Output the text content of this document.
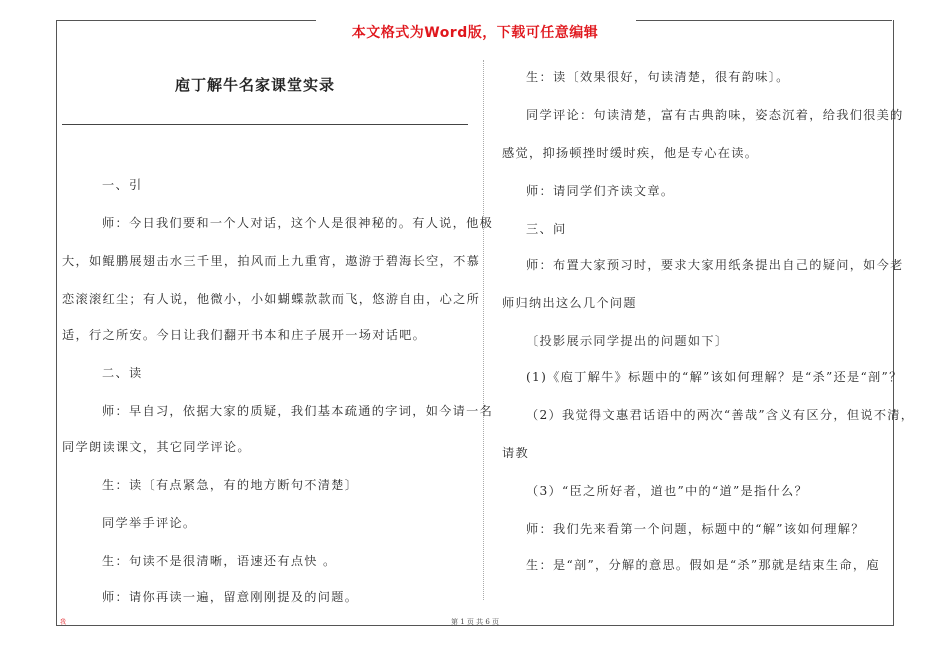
本文格式为Word版，下载可任意编辑
庖丁解牛名家课堂实录
一、引
师：今日我们要和一个人对话，这个人是很神秘的。有人说，他极
大，如鲲鹏展翅击水三千里，拍风而上九重宵，遨游于碧海长空，不慕
恋滚滚红尘；有人说，他微小，小如蝴蝶款款而飞，悠游自由，心之所
适，行之所安。今日让我们翻开书本和庄子展开一场对话吧。
二、读
师：早自习，依据大家的质疑，我们基本疏通的字词，如今请一名
同学朗读课文，其它同学评论。
生：读〔有点紧急，有的地方断句不清楚〕
同学举手评论。
生：句读不是很清晰，语速还有点快 。
师：请你再读一遍，留意刚刚提及的问题。
生：读〔效果很好，句读清楚，很有韵味〕。
同学评论：句读清楚，富有古典韵味，姿态沉着，给我们很美的
感觉，抑扬顿挫时缓时疾，他是专心在读。
师：请同学们齐读文章。
三、问
师：布置大家预习时，要求大家用纸条提出自己的疑问，如今老
师归纳出这么几个问题
〔投影展示同学提出的问题如下〕
(1)《庖丁解牛》标题中的“解”该如何理解？是“杀”还是“剖”？
（2）我觉得文惠君话语中的两次“善哉”含义有区分，但说不清，
请教
（3）“臣之所好者，道也”中的“道”是指什么？
师：我们先来看第一个问题，标题中的“解”该如何理解？
生：是“剖”，分解的意思。假如是“杀”那就是结束生命，庖
我	第 1 页 共 6 页
